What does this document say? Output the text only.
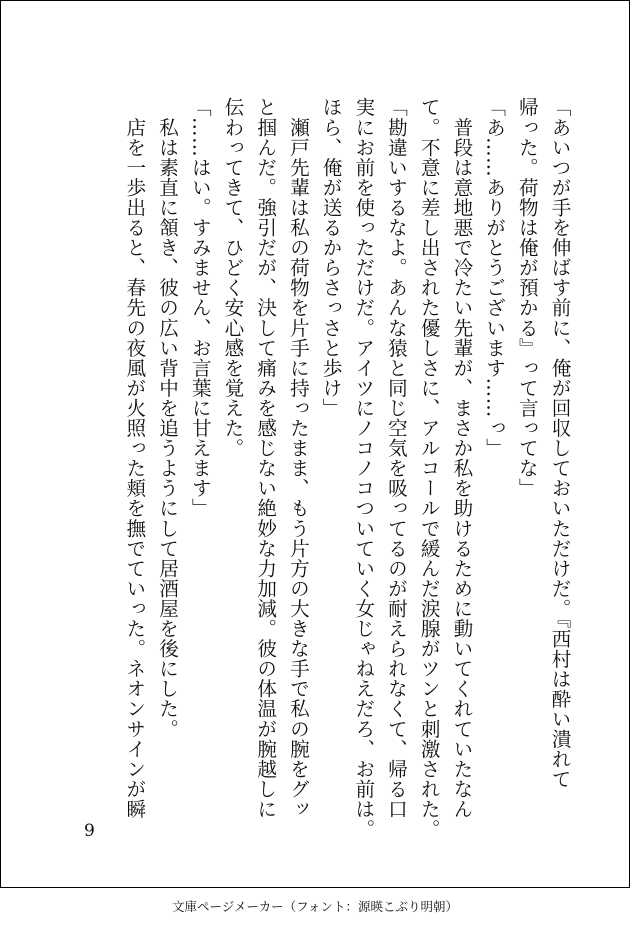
「あいつが手を伸ばす前に、俺が回収しておいただけだ。『西村は酔い潰れて

帰った。荷物は俺が預かる』って言ってな」

「あ……ありがとうございます……っ」

　普段は意地悪で冷たい先輩が、まさか私を助けるために動いてくれていたなん

て。不意に差し出された優しさに、アルコールで緩んだ涙腺がツンと刺激された。

「勘違いするなよ。あんな猿と同じ空気を吸ってるのが耐えられなくて、帰る口

実にお前を使っただけだ。アイツにノコノコついていく女じゃねえだろ、お前は。

ほら、俺が送るからさっさと歩け」

　瀬戸先輩は私の荷物を片手に持ったまま、もう片方の大きな手で私の腕をグッ

と掴んだ。強引だが、決して痛みを感じない絶妙な力加減。彼の体温が腕越しに

伝わってきて、ひどく安心感を覚えた。

「……はい。すみません、お言葉に甘えます」

　私は素直に頷き、彼の広い背中を追うようにして居酒屋を後にした。

　店を一歩出ると、春先の夜風が火照った頬を撫でていった。ネオンサインが瞬

9
文庫ページメーカー（フォント：源暎こぶり明朝）
